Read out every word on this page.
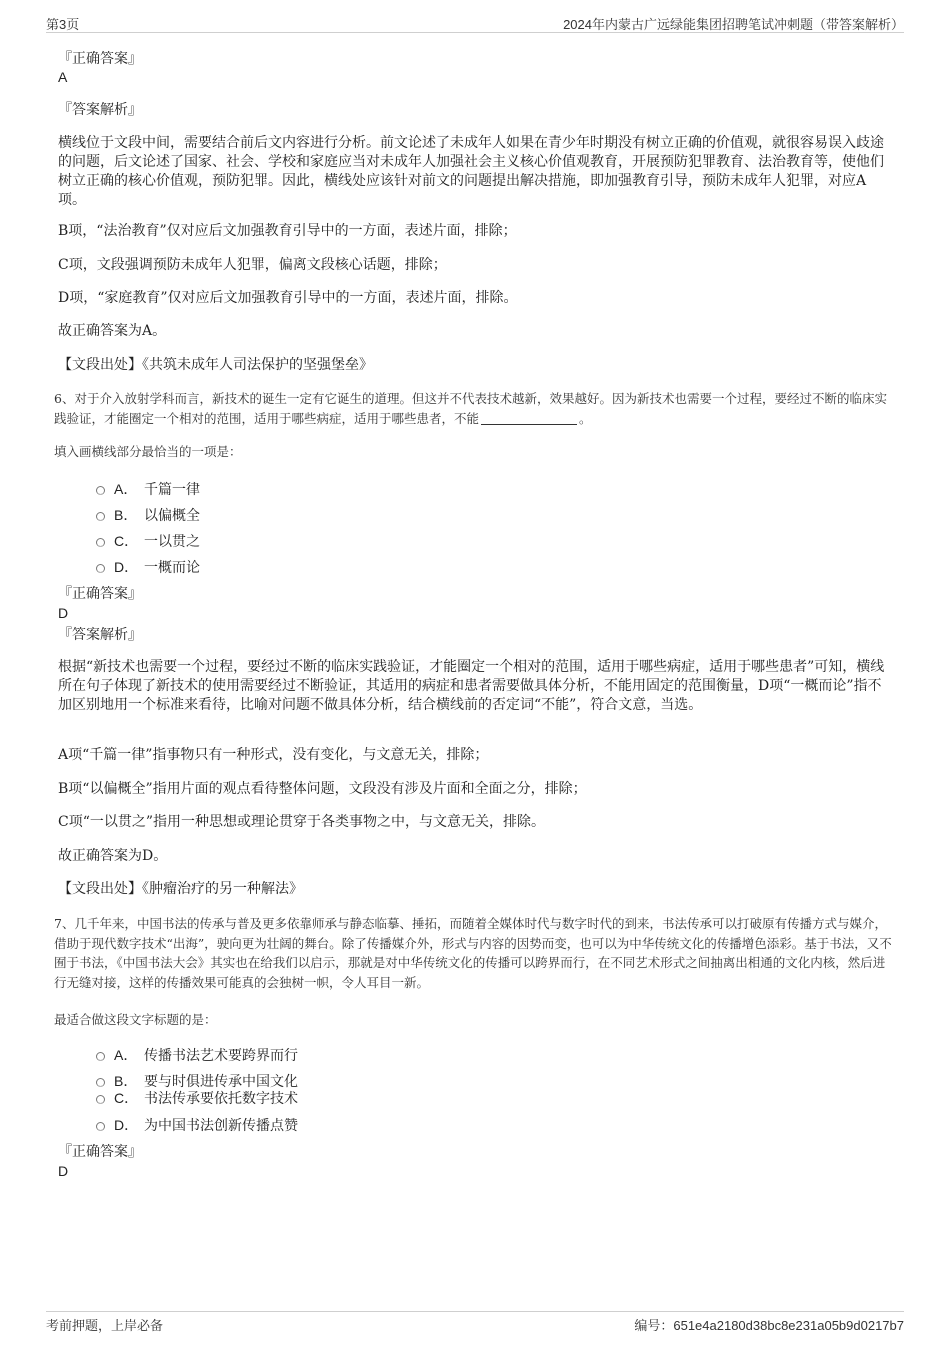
第3页	2024年内蒙古广远绿能集团招聘笔试冲刺题（带答案解析）
『正确答案』
A
『答案解析』
横线位于文段中间，需要结合前后文内容进行分析。前文论述了未成年人如果在青少年时期没有树立正确的价值观，就很容易误入歧途的问题，后文论述了国家、社会、学校和家庭应当对未成年人加强社会主义核心价值观教育，开展预防犯罪教育、法治教育等，使他们树立正确的核心价值观，预防犯罪。因此，横线处应该针对前文的问题提出解决措施，即加强教育引导，预防未成年人犯罪，对应A项。
B项，“法治教育”仅对应后文加强教育引导中的一方面，表述片面，排除；
C项，文段强调预防未成年人犯罪，偏离文段核心话题，排除；
D项，“家庭教育”仅对应后文加强教育引导中的一方面，表述片面，排除。
故正确答案为A。
【文段出处】《共筑未成年人司法保护的坚强堡垒》
6、对于介入放射学科而言，新技术的诞生一定有它诞生的道理。但这并不代表技术越新，效果越好。因为新技术也需要一个过程，要经过不断的临床实践验证，才能圈定一个相对的范围，适用于哪些病症，适用于哪些患者，不能	。
填入画横线部分最恰当的一项是：
A． 千篇一律
B． 以偏概全
C． 一以贯之
D． 一概而论
『正确答案』
D
『答案解析』
根据“新技术也需要一个过程，要经过不断的临床实践验证，才能圈定一个相对的范围，适用于哪些病症，适用于哪些患者”可知，横线所在句子体现了新技术的使用需要经过不断验证，其适用的病症和患者需要做具体分析，不能用固定的范围衡量，D项“一概而论”指不加区别地用一个标准来看待，比喻对问题不做具体分析，结合横线前的否定词“不能”，符合文意，当选。
A项“千篇一律”指事物只有一种形式，没有变化，与文意无关，排除；
B项“以偏概全”指用片面的观点看待整体问题，文段没有涉及片面和全面之分，排除；
C项“一以贯之”指用一种思想或理论贯穿于各类事物之中，与文意无关，排除。
故正确答案为D。
【文段出处】《肿瘤治疗的另一种解法》
7、几千年来，中国书法的传承与普及更多依靠师承与静态临摹、捶拓，而随着全媒体时代与数字时代的到来，书法传承可以打破原有传播方式与媒介，借助于现代数字技术“出海”，驶向更为壮阔的舞台。除了传播媒介外，形式与内容的因势而变，也可以为中华传统文化的传播增色添彩。基于书法，又不囿于书法，《中国书法大会》其实也在给我们以启示，那就是对中华传统文化的传播可以跨界而行，在不同艺术形式之间抽离出相通的文化内核，然后进行无缝对接，这样的传播效果可能真的会独树一帜，令人耳目一新。
最适合做这段文字标题的是：
A． 传播书法艺术要跨界而行
B． 要与时俱进传承中国文化
C． 书法传承要依托数字技术
D． 为中国书法创新传播点赞
『正确答案』
D
考前押题，上岸必备	编号：651e4a2180d38bc8e231a05b9d0217b7
